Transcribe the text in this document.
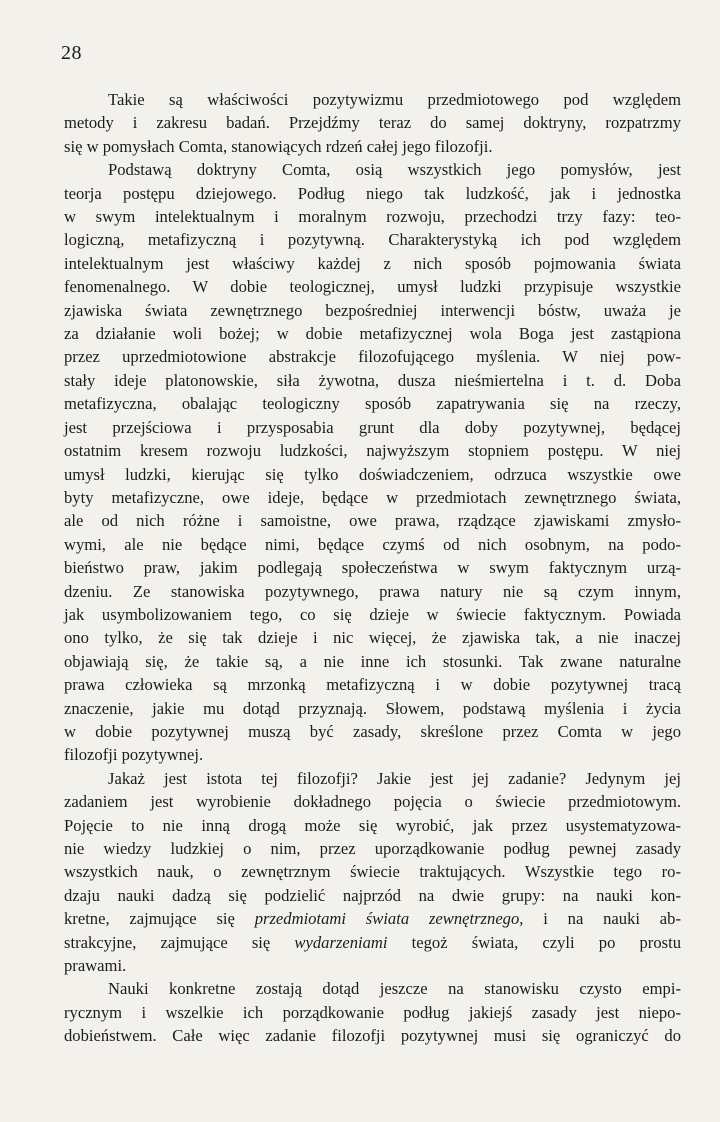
28

Takie są właściwości pozytywizmu przedmiotowego pod względem

metody i zakresu badań. Przejdźmy teraz do samej doktryny, rozpatrzmy

się w pomysłach Comta, stanowiących rdzeń całej jego filozofji.

Podstawą doktryny Comta, osią wszystkich jego pomysłów, jest

teorja postępu dziejowego. Podług niego tak ludzkość, jak i jednostka

w swym intelektualnym i moralnym rozwoju, przechodzi trzy fazy: teo-

logiczną, metafizyczną i pozytywną. Charakterystyką ich pod względem

intelektualnym jest właściwy każdej z nich sposób pojmowania świata

fenomenalnego. W dobie teologicznej, umysł ludzki przypisuje wszystkie

zjawiska świata zewnętrznego bezpośredniej interwencji bóstw, uważa je

za działanie woli bożej; w dobie metafizycznej wola Boga jest zastąpiona

przez uprzedmiotowione abstrakcje filozofującego myślenia. W niej pow-

stały ideje platonowskie, siła żywotna, dusza nieśmiertelna i t. d. Doba

metafizyczna, obalając teologiczny sposób zapatrywania się na rzeczy,

jest przejściowa i przysposabia grunt dla doby pozytywnej, będącej

ostatnim kresem rozwoju ludzkości, najwyższym stopniem postępu. W niej

umysł ludzki, kierując się tylko doświadczeniem, odrzuca wszystkie owe

byty metafizyczne, owe ideje, będące w przedmiotach zewnętrznego świata,

ale od nich różne i samoistne, owe prawa, rządzące zjawiskami zmysło-

wymi, ale nie będące nimi, będące czymś od nich osobnym, na podo-

bieństwo praw, jakim podlegają społeczeństwa w swym faktycznym urzą-

dzeniu. Ze stanowiska pozytywnego, prawa natury nie są czym innym,

jak usymbolizowaniem tego, co się dzieje w świecie faktycznym. Powiada

ono tylko, że się tak dzieje i nic więcej, że zjawiska tak, a nie inaczej

objawiają się, że takie są, a nie inne ich stosunki. Tak zwane naturalne

prawa człowieka są mrzonką metafizyczną i w dobie pozytywnej tracą

znaczenie, jakie mu dotąd przyznają. Słowem, podstawą myślenia i życia

w dobie pozytywnej muszą być zasady, skreślone przez Comta w jego

filozofji pozytywnej.

Jakaż jest istota tej filozofji? Jakie jest jej zadanie? Jedynym jej

zadaniem jest wyrobienie dokładnego pojęcia o świecie przedmiotowym.

Pojęcie to nie inną drogą może się wyrobić, jak przez usystematyzowa-

nie wiedzy ludzkiej o nim, przez uporządkowanie podług pewnej zasady

wszystkich nauk, o zewnętrznym świecie traktujących. Wszystkie tego ro-

dzaju nauki dadzą się podzielić najprzód na dwie grupy: na nauki kon-

kretne, zajmujące się przedmiotami świata zewnętrznego, i na nauki ab-

strakcyjne, zajmujące się wydarzeniami tegoż świata, czyli po prostu

prawami.

Nauki konkretne zostają dotąd jeszcze na stanowisku czysto empi-

rycznym i wszelkie ich porządkowanie podług jakiejś zasady jest niepo-

dobieństwem. Całe więc zadanie filozofji pozytywnej musi się ograniczyć do
